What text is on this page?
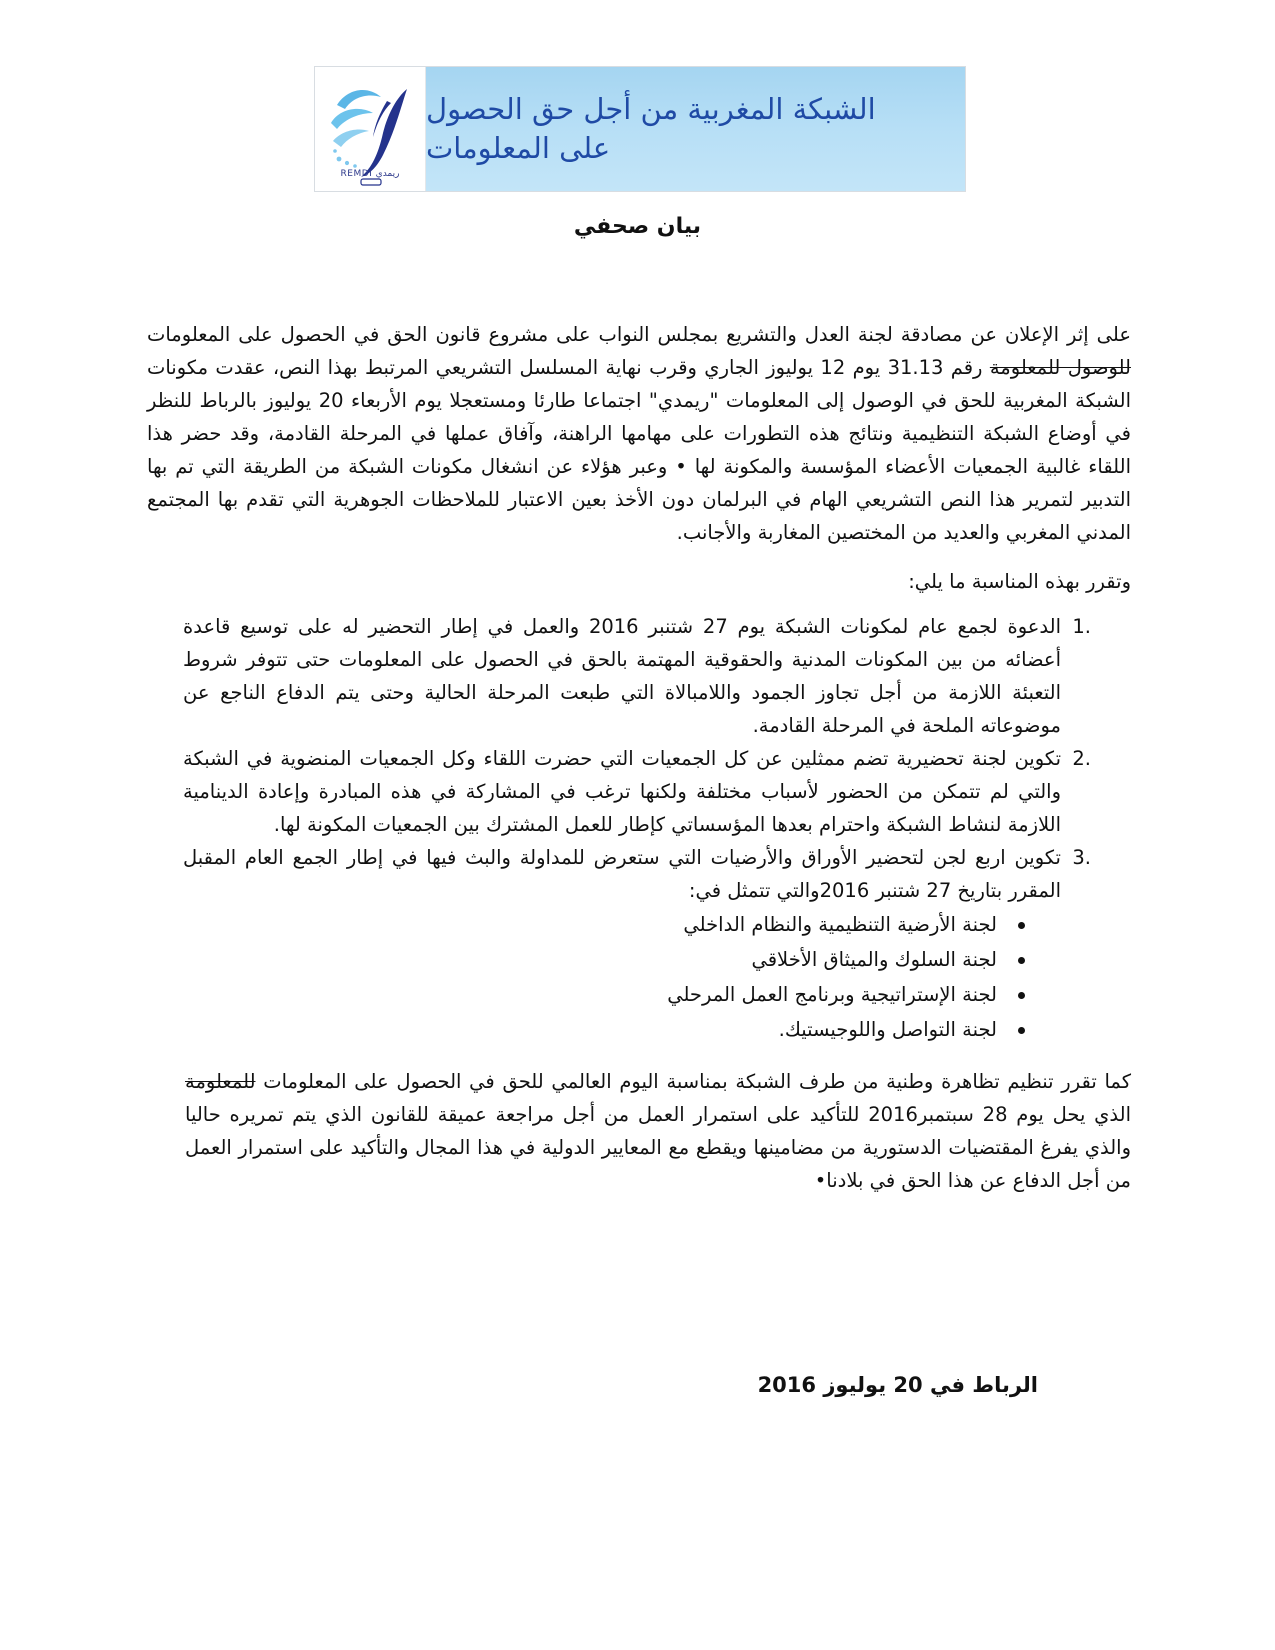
REMDI ريمدي
الشبكة المغربية من أجل حق الحصول
على المعلومات
بيان صحفي

على إثر الإعلان عن مصادقة لجنة العدل والتشريع بمجلس النواب على مشروع قانون الحق في الحصول على المعلومات للوصول للمعلومة رقم 31.13 يوم 12 يوليوز الجاري وقرب نهاية المسلسل التشريعي المرتبط بهذا النص، عقدت مكونات الشبكة المغربية للحق في الوصول إلى المعلومات "ريمدي" اجتماعا طارئا ومستعجلا يوم الأربعاء 20 يوليوز بالرباط للنظر في أوضاع الشبكة التنظيمية ونتائج هذه التطورات على مهامها الراهنة، وآفاق عملها في المرحلة القادمة، وقد حضر هذا اللقاء غالبية الجمعيات الأعضاء المؤسسة والمكونة لها • وعبر هؤلاء عن انشغال مكونات الشبكة من الطريقة التي تم بها التدبير لتمرير هذا النص التشريعي الهام في البرلمان دون الأخذ بعين الاعتبار للملاحظات الجوهرية التي تقدم بها المجتمع المدني المغربي والعديد من المختصين المغاربة والأجانب.

وتقرر بهذه المناسبة ما يلي:

1.
الدعوة لجمع عام لمكونات الشبكة يوم 27 شتنبر 2016 والعمل في إطار التحضير له على توسيع قاعدة أعضائه من بين المكونات المدنية والحقوقية المهتمة بالحق في الحصول على المعلومات حتى تتوفر شروط التعبئة اللازمة من أجل تجاوز الجمود واللامبالاة التي طبعت المرحلة الحالية وحتى يتم الدفاع الناجع عن موضوعاته الملحة في المرحلة القادمة.
2.
تكوين لجنة تحضيرية تضم ممثلين عن كل الجمعيات التي حضرت اللقاء وكل الجمعيات المنضوية في الشبكة والتي لم تتمكن من الحضور لأسباب مختلفة ولكنها ترغب في المشاركة في هذه المبادرة وإعادة الدينامية اللازمة لنشاط الشبكة واحترام بعدها المؤسساتي كإطار للعمل المشترك بين الجمعيات المكونة لها.
3.
تكوين اربع لجن لتحضير الأوراق والأرضيات التي ستعرض للمداولة والبث فيها في إطار الجمع العام المقبل المقرر بتاريخ 27 شتنبر 2016والتي تتمثل في:
لجنة الأرضية التنظيمية والنظام الداخلي
لجنة السلوك والميثاق الأخلاقي
لجنة الإستراتيجية وبرنامج العمل المرحلي
لجنة التواصل واللوجيستيك.

كما تقرر تنظيم تظاهرة وطنية من طرف الشبكة بمناسبة اليوم العالمي للحق في الحصول على المعلومات للمعلومة الذي يحل يوم 28 سبتمبر2016 للتأكيد على استمرار العمل من أجل مراجعة عميقة للقانون الذي يتم تمريره حاليا والذي يفرغ المقتضيات الدستورية من مضامينها ويقطع مع المعايير الدولية في هذا المجال والتأكيد على استمرار العمل من أجل الدفاع عن هذا الحق في بلادنا•

الرباط في 20 يوليوز 2016
